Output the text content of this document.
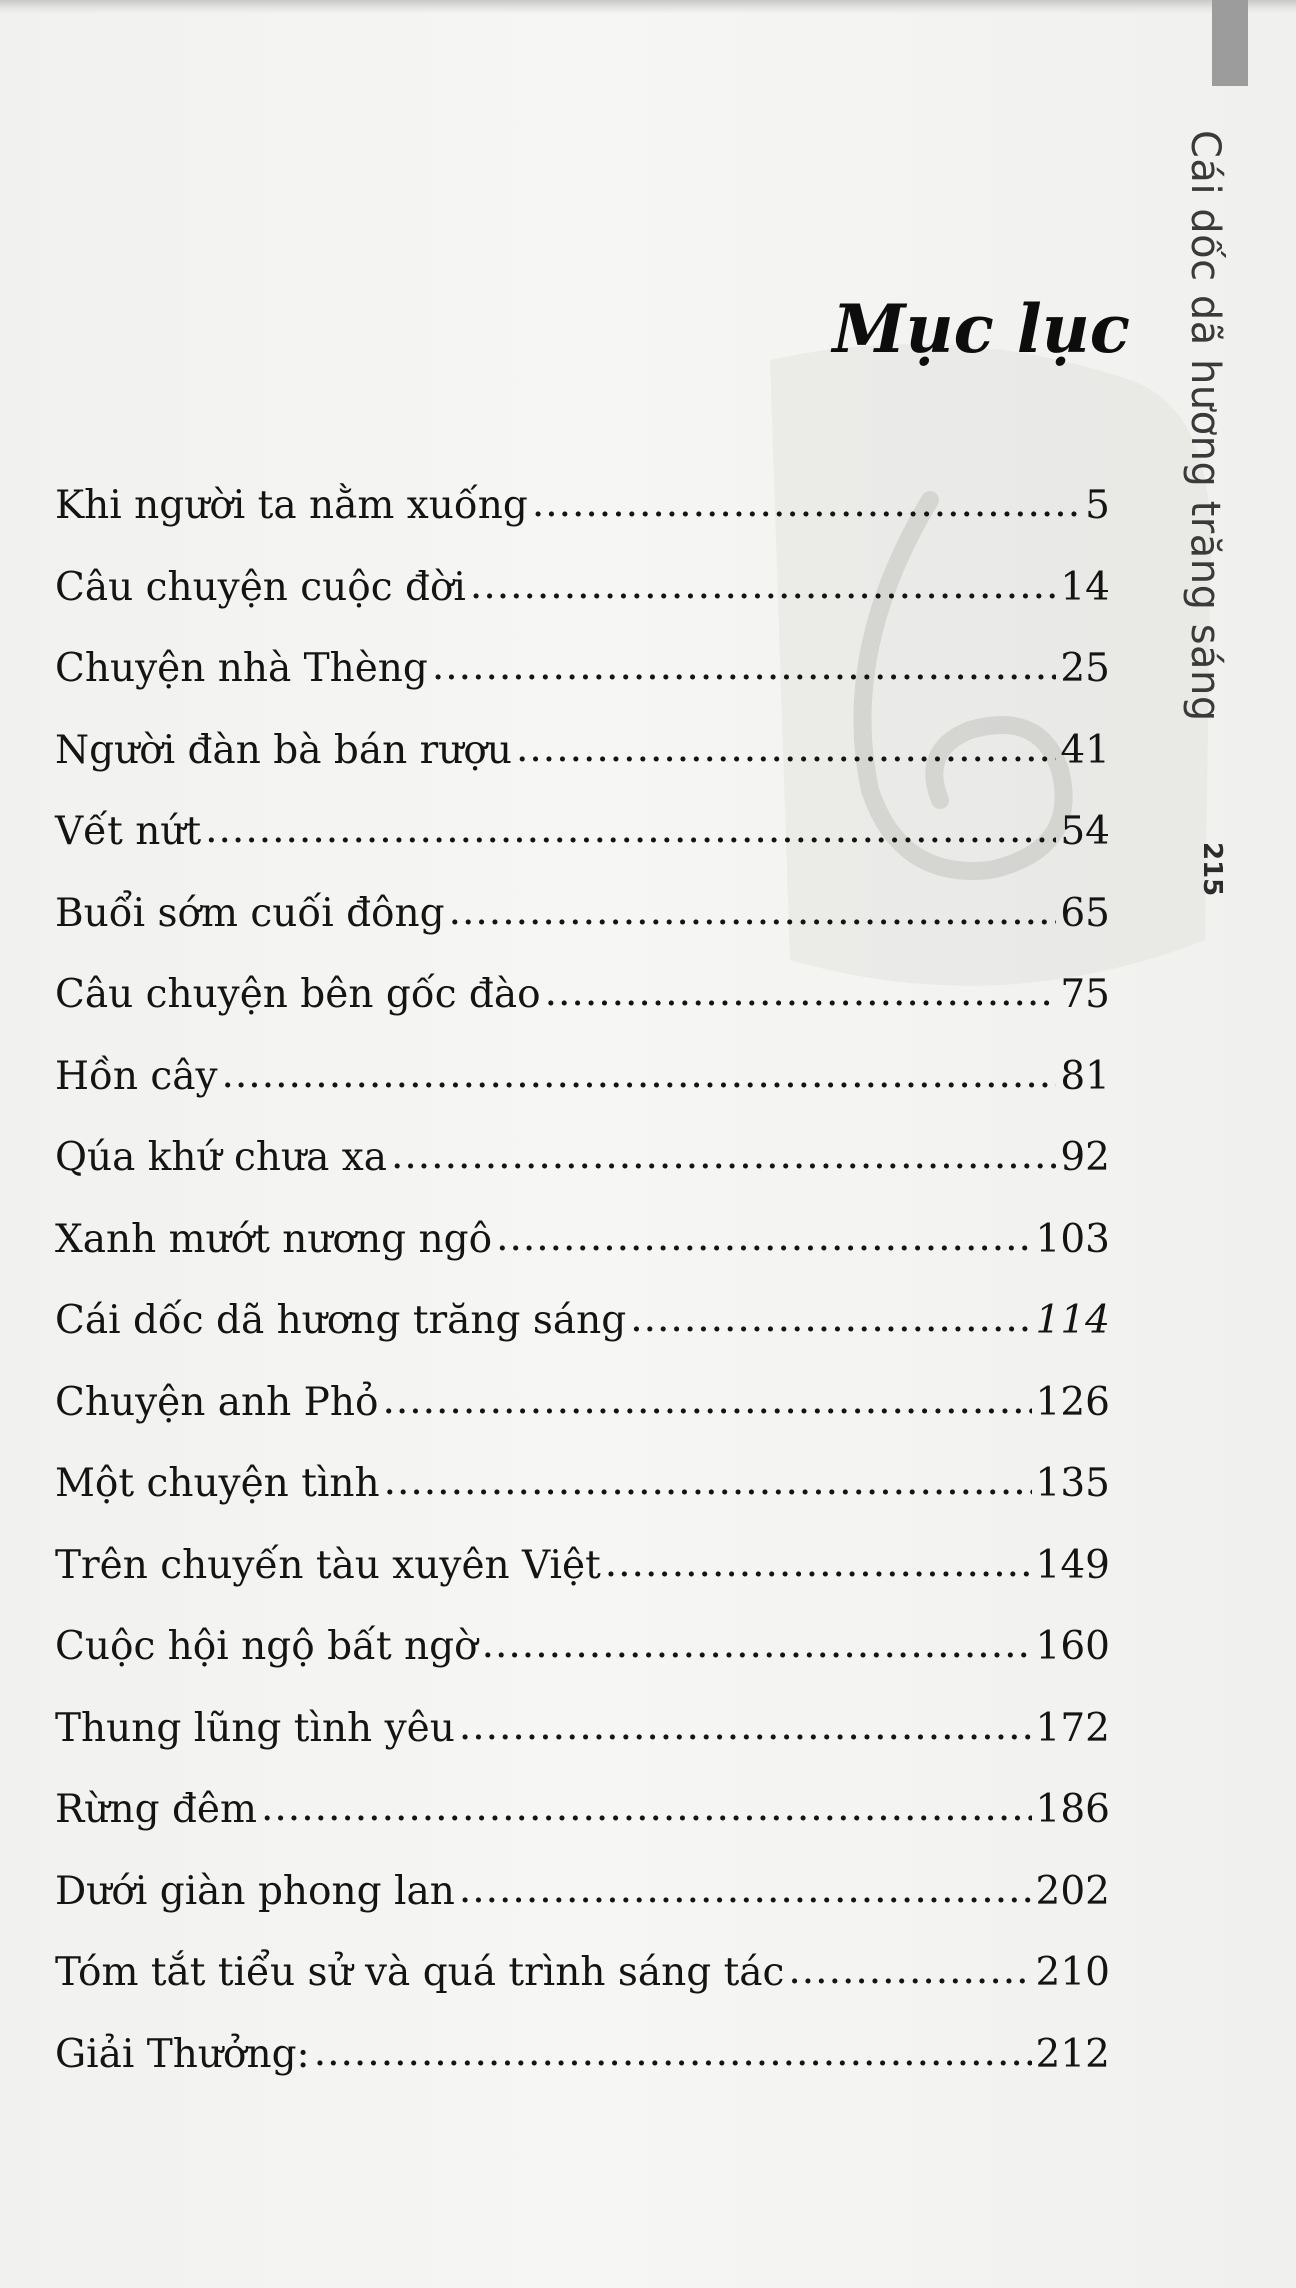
Cái dốc dã hương trăng sáng
215
Mục lục
Khi người ta nằm xuống .....	5
Câu chuyện cuộc đời .....	14
Chuyện nhà Thèng .....	25
Người đàn bà bán rượu .....	41
Vết nứt .....	54
Buổi sớm cuối đông .....	65
Câu chuyện bên gốc đào .....	75
Hồn cây .....	81
Qúa khứ chưa xa .....	92
Xanh mướt nương ngô .....	103
Cái dốc dã hương trăng sáng .....	114
Chuyện anh Phỏ .....	126
Một chuyện tình .....	135
Trên chuyến tàu xuyên Việt .....	149
Cuộc hội ngộ bất ngờ .....	160
Thung lũng tình yêu .....	172
Rừng đêm .....	186
Dưới giàn phong lan .....	202
Tóm tắt tiểu sử và quá trình sáng tác .....	210
Giải Thưởng: .....	212
